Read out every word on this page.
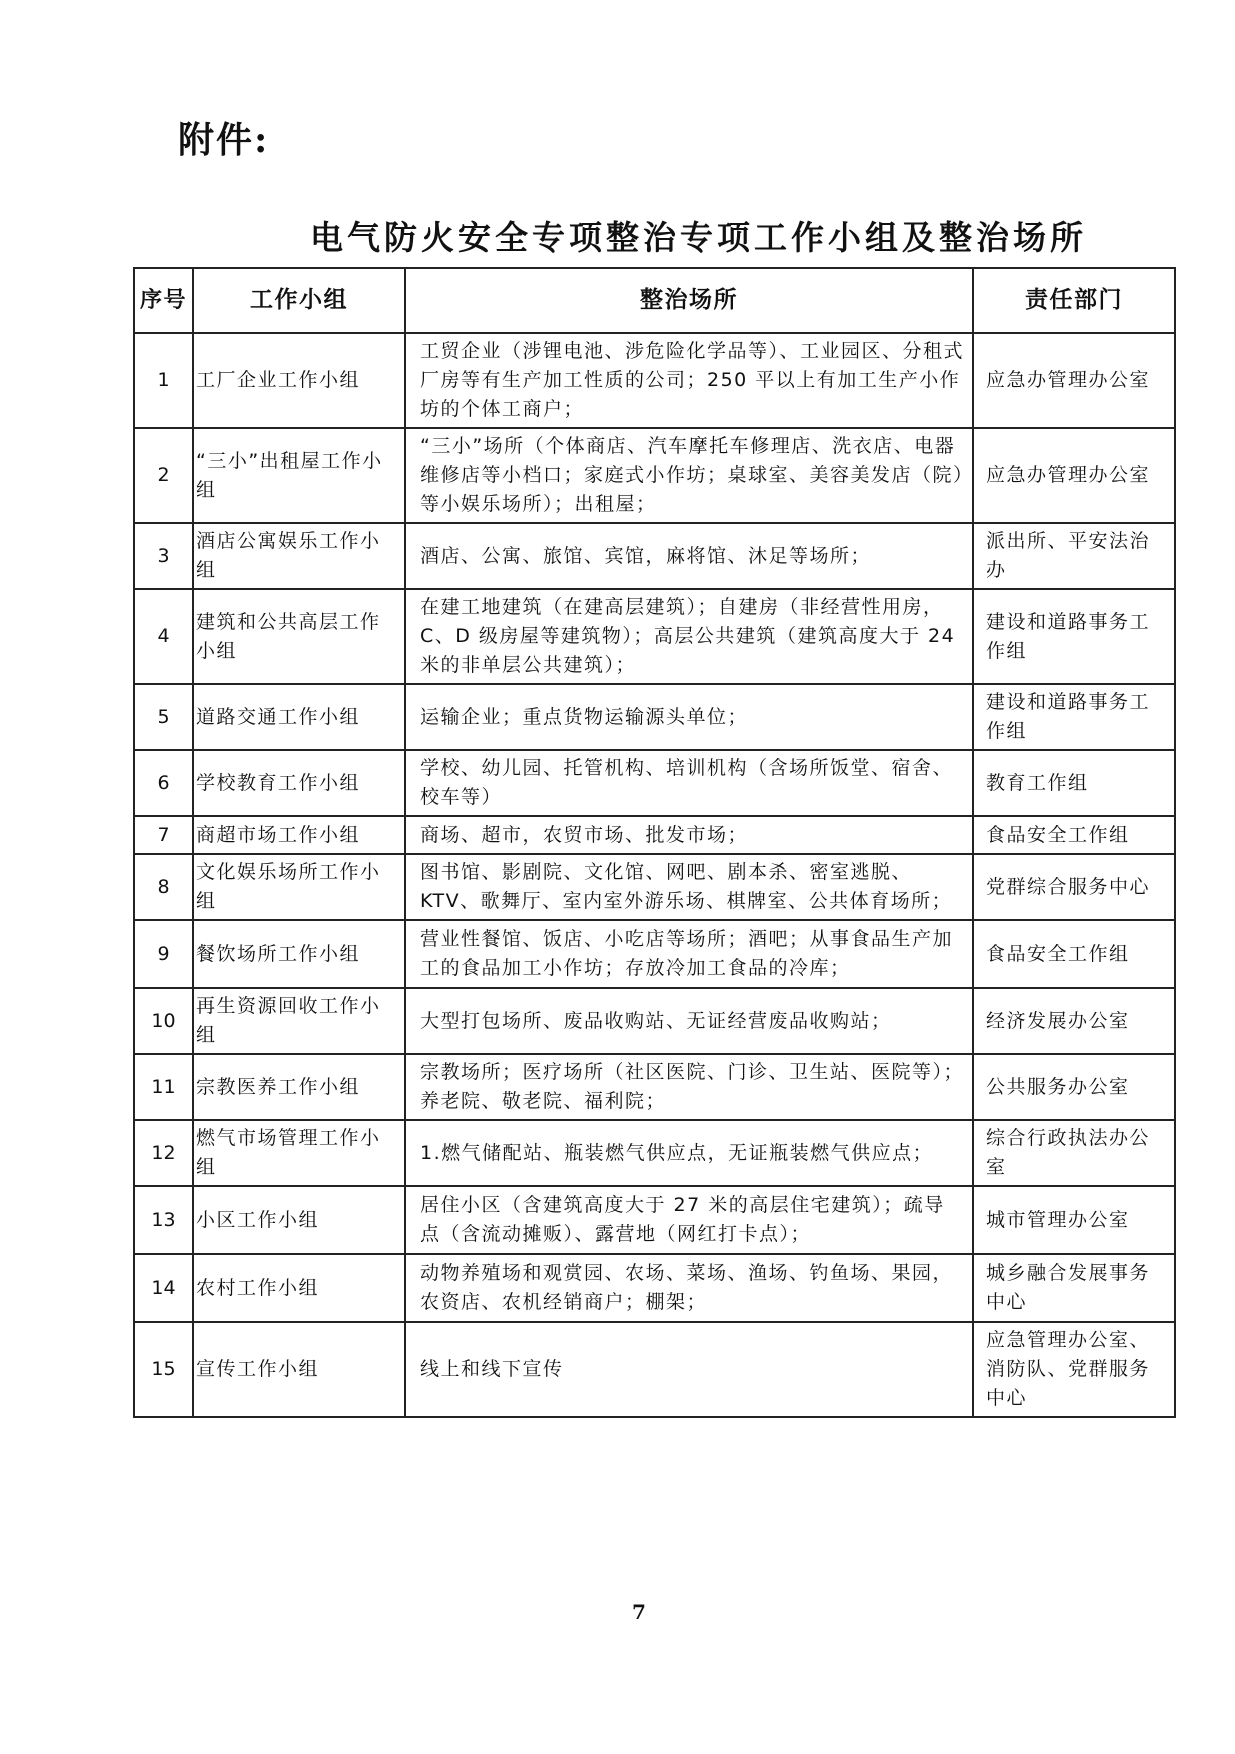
附件:
电气防火安全专项整治专项工作小组及整治场所
序号	工作小组	整治场所	责任部门
1	工厂企业工作小组	工贸企业（涉锂电池、涉危险化学品等）、工业园区、分租式厂房等有生产加工性质的公司；250 平以上有加工生产小作坊的个体工商户；	应急办管理办公室
2	“三小”出租屋工作小组	“三小”场所（个体商店、汽车摩托车修理店、洗衣店、电器维修店等小档口；家庭式小作坊；桌球室、美容美发店（院）等小娱乐场所）；出租屋；	应急办管理办公室
3	酒店公寓娱乐工作小组	酒店、公寓、旅馆、宾馆，麻将馆、沐足等场所；	派出所、平安法治办
4	建筑和公共高层工作小组	在建工地建筑（在建高层建筑）；自建房（非经营性用房，C、D 级房屋等建筑物）；高层公共建筑（建筑高度大于 24 米的非单层公共建筑）；	建设和道路事务工作组
5	道路交通工作小组	运输企业；重点货物运输源头单位；	建设和道路事务工作组
6	学校教育工作小组	学校、幼儿园、托管机构、培训机构（含场所饭堂、宿舍、校车等）	教育工作组
7	商超市场工作小组	商场、超市，农贸市场、批发市场；	食品安全工作组
8	文化娱乐场所工作小组	图书馆、影剧院、文化馆、网吧、剧本杀、密室逃脱、KTV、歌舞厅、室内室外游乐场、棋牌室、公共体育场所；	党群综合服务中心
9	餐饮场所工作小组	营业性餐馆、饭店、小吃店等场所；酒吧；从事食品生产加工的食品加工小作坊；存放冷加工食品的冷库；	食品安全工作组
10	再生资源回收工作小组	大型打包场所、废品收购站、无证经营废品收购站；	经济发展办公室
11	宗教医养工作小组	宗教场所；医疗场所（社区医院、门诊、卫生站、医院等）；养老院、敬老院、福利院；	公共服务办公室
12	燃气市场管理工作小组	1.燃气储配站、瓶装燃气供应点，无证瓶装燃气供应点；	综合行政执法办公室
13	小区工作小组	居住小区（含建筑高度大于 27 米的高层住宅建筑）；疏导点（含流动摊贩）、露营地（网红打卡点）；	城市管理办公室
14	农村工作小组	动物养殖场和观赏园、农场、菜场、渔场、钓鱼场、果园，农资店、农机经销商户；棚架；	城乡融合发展事务中心
15	宣传工作小组	线上和线下宣传	应急管理办公室、消防队、党群服务中心
7
